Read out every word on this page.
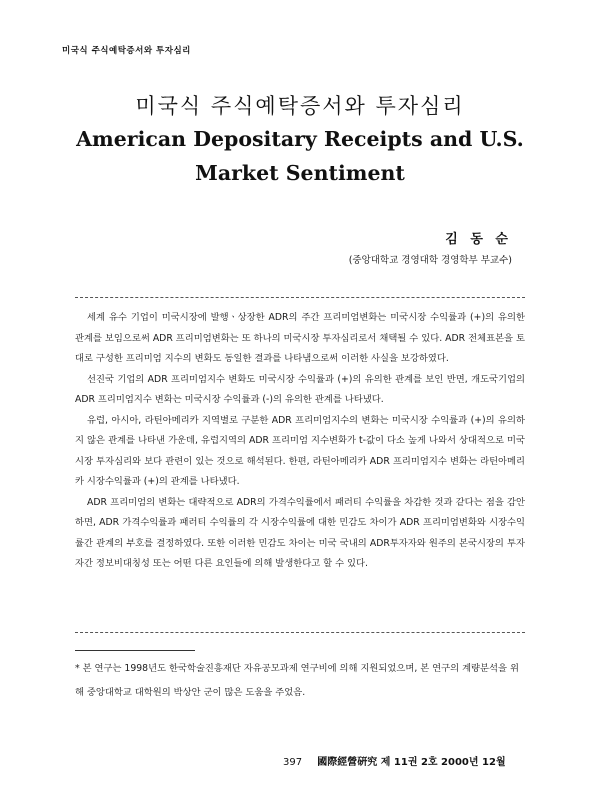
미국식 주식예탁증서와 투자심리
미국식 주식예탁증서와 투자심리
American Depositary Receipts and U.S. Market Sentiment
김 동 순
(중앙대학교 경영대학 경영학부 부교수)

세계 유수 기업이 미국시장에 발행ㆍ상장한 ADR의 주간 프리미엄변화는 미국시장 수익률과 (+)의 유의한 관계를 보임으로써 ADR 프리미엄변화는 또 하나의 미국시장 투자심리로서 채택될 수 있다. ADR 전체표본을 토대로 구성한 프리미엄 지수의 변화도 동일한 결과를 나타냄으로써 이러한 사실을 보강하였다.

선진국 기업의 ADR 프리미엄지수 변화도 미국시장 수익률과 (+)의 유의한 관계를 보인 반면, 개도국기업의 ADR 프리미엄지수 변화는 미국시장 수익률과 (-)의 유의한 관계를 나타냈다.

유럽, 아시아, 라틴아메리카 지역별로 구분한 ADR 프리미엄지수의 변화는 미국시장 수익률과 (+)의 유의하지 않은 관계를 나타낸 가운데, 유럽지역의 ADR 프리미엄 지수변화가 t-값이 다소 높게 나와서 상대적으로 미국시장 투자심리와 보다 관련이 있는 것으로 해석된다. 한편, 라틴아메리카 ADR 프리미엄지수 변화는 라틴아메리카 시장수익률과 (+)의 관계를 나타냈다.

ADR 프리미엄의 변화는 대략적으로 ADR의 가격수익률에서 패러티 수익률을 차감한 것과 같다는 점을 감안하면, ADR 가격수익률과 패러티 수익률의 각 시장수익률에 대한 민감도 차이가 ADR 프리미엄변화와 시장수익률간 관계의 부호를 결정하였다. 또한 이러한 민감도 차이는 미국 국내의 ADR투자자와 원주의 본국시장의 투자자간 정보비대칭성 또는 어떤 다른 요인들에 의해 발생한다고 할 수 있다.

* 본 연구는 1998년도 한국학술진흥재단 자유공모과제 연구비에 의해 지원되었으며, 본 연구의 계량분석을 위해 중앙대학교 대학원의 박상안 군이 많은 도움을 주었음.

397 國際經營硏究 제 11권 2호 2000년 12월
